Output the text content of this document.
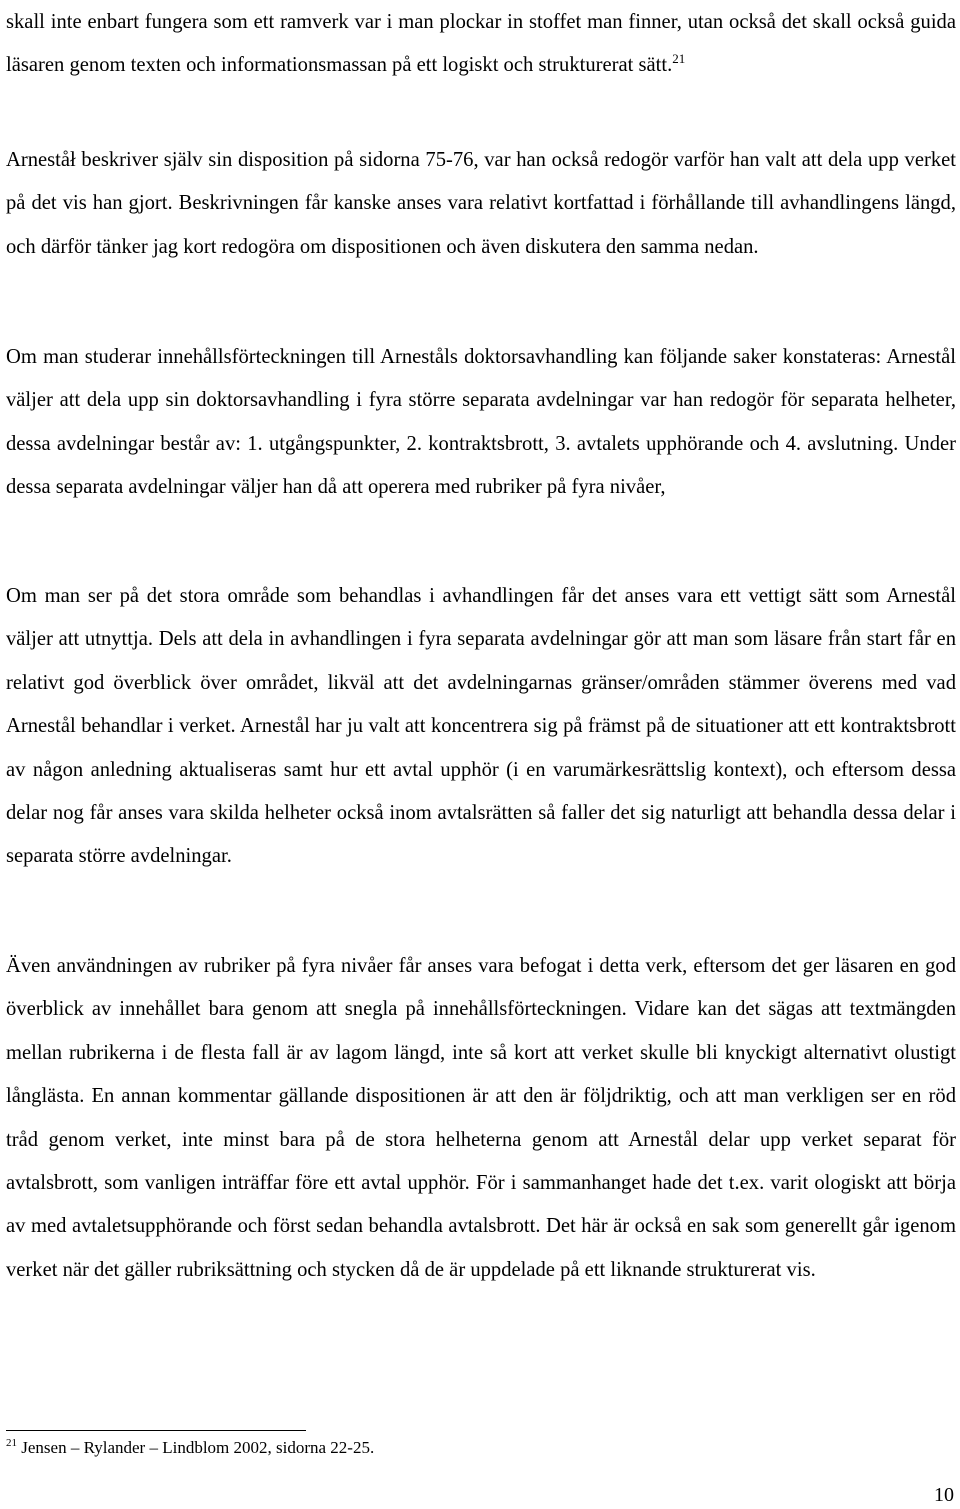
skall inte enbart fungera som ett ramverk var i man plockar in stoffet man finner, utan också det skall också guida läsaren genom texten och informationsmassan på ett logiskt och strukturerat sätt.$^{21}$

Arneståł beskriver själv sin disposition på sidorna 75-76, var han också redogör varför han valt att dela upp verket på det vis han gjort. Beskrivningen får kanske anses vara relativt kortfattad i förhållande till avhandlingens längd, och därför tänker jag kort redogöra om dispositionen och även diskutera den samma nedan.

Om man studerar innehållsförteckningen till Arneståls doktorsavhandling kan följande saker konstateras: Arnestål väljer att dela upp sin doktorsavhandling i fyra större separata avdelningar var han redogör för separata helheter, dessa avdelningar består av: 1. utgångspunkter, 2. kontraktsbrott, 3. avtalets upphörande och 4. avslutning. Under dessa separata avdelningar väljer han då att operera med rubriker på fyra nivåer,

Om man ser på det stora område som behandlas i avhandlingen får det anses vara ett vettigt sätt som Arnestål väljer att utnyttja. Dels att dela in avhandlingen i fyra separata avdelningar gör att man som läsare från start får en relativt god överblick över området, likväl att det avdelningarnas gränser/områden stämmer överens med vad Arnestål behandlar i verket. Arnestål har ju valt att koncentrera sig på främst på de situationer att ett kontraktsbrott av någon anledning aktualiseras samt hur ett avtal upphör (i en varumärkesrättslig kontext), och eftersom dessa delar nog får anses vara skilda helheter också inom avtalsrätten så faller det sig naturligt att behandla dessa delar i separata större avdelningar.

Även användningen av rubriker på fyra nivåer får anses vara befogat i detta verk, eftersom det ger läsaren en god överblick av innehållet bara genom att snegla på innehållsförteckningen. Vidare kan det sägas att textmängden mellan rubrikerna i de flesta fall är av lagom längd, inte så kort att verket skulle bli knyckigt alternativt olustigt långlästa. En annan kommentar gällande dispositionen är att den är följdriktig, och att man verkligen ser en röd tråd genom verket, inte minst bara på de stora helheterna genom att Arnestål delar upp verket separat för avtalsbrott, som vanligen inträffar före ett avtal upphör. För i sammanhanget hade det t.ex. varit ologiskt att börja av med avtaletsupphörande och först sedan behandla avtalsbrott. Det här är också en sak som generellt går igenom verket när det gäller rubriksättning och stycken då de är uppdelade på ett liknande strukturerat vis.

$^{21}$ Jensen – Rylander – Lindblom 2002, sidorna 22-25.
10
